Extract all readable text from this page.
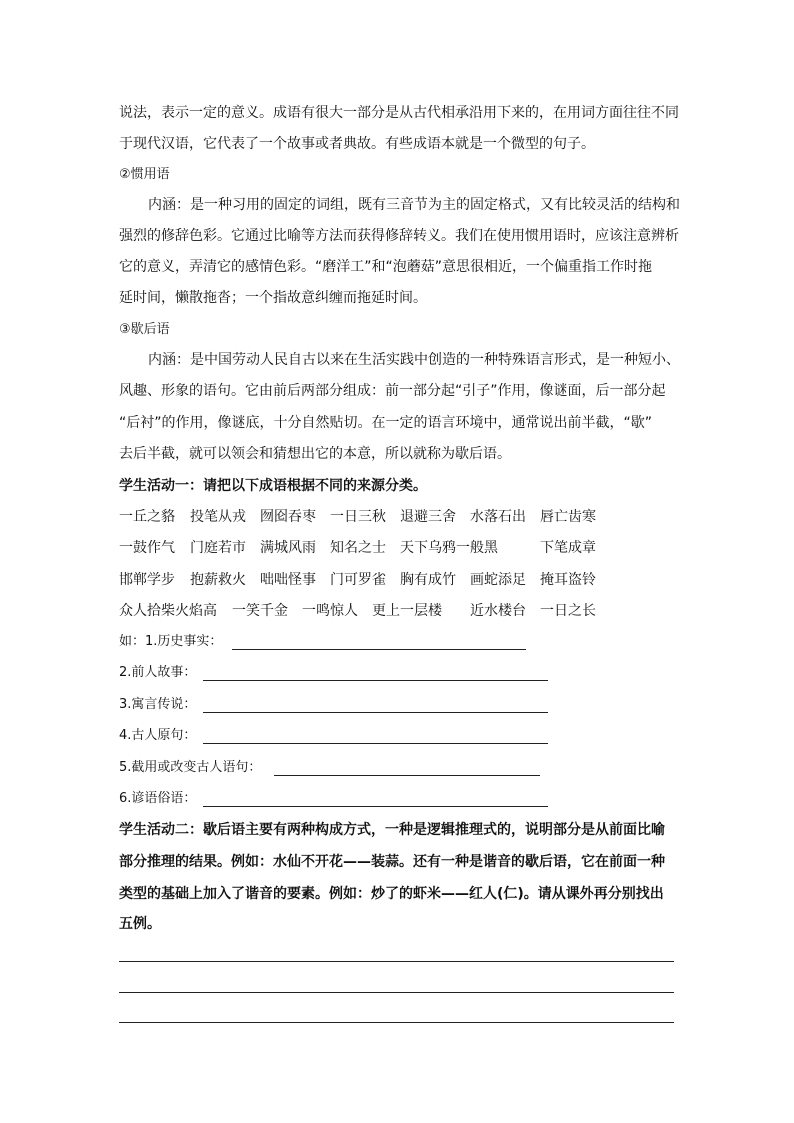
说法，表示一定的意义。成语有很大一部分是从古代相承沿用下来的，在用词方面往往不同
于现代汉语，它代表了一个故事或者典故。有些成语本就是一个微型的句子。
②惯用语
内涵：是一种习用的固定的词组，既有三音节为主的固定格式，又有比较灵活的结构和
强烈的修辞色彩。它通过比喻等方法而获得修辞转义。我们在使用惯用语时，应该注意辨析
它的意义，弄清它的感情色彩。“磨洋工”和“泡蘑菇”意思很相近，一个偏重指工作时拖
延时间，懒散拖沓；一个指故意纠缠而拖延时间。
③歇后语
内涵：是中国劳动人民自古以来在生活实践中创造的一种特殊语言形式，是一种短小、
风趣、形象的语句。它由前后两部分组成：前一部分起“引子”作用，像谜面，后一部分起
“后衬”的作用，像谜底，十分自然贴切。在一定的语言环境中，通常说出前半截，“歇”
去后半截，就可以领会和猜想出它的本意，所以就称为歇后语。
学生活动一：请把以下成语根据不同的来源分类。
一丘之貉 投笔从戎 囫囵吞枣 一日三秋 退避三舍 水落石出 唇亡齿寒
一鼓作气 门庭若市 满城风雨 知名之士 天下乌鸦一般黑	下笔成章
邯郸学步 抱薪救火 咄咄怪事 门可罗雀 胸有成竹 画蛇添足 掩耳盗铃
众人拾柴火焰高 一笑千金 一鸣惊人 更上一层楼 近水楼台 一日之长
如：1.历史事实：
2.前人故事：
3.寓言传说：
4.古人原句：
5.截用或改变古人语句：
6.谚语俗语：
学生活动二：歇后语主要有两种构成方式，一种是逻辑推理式的，说明部分是从前面比喻
部分推理的结果。例如：水仙不开花——装蒜。还有一种是谐音的歇后语，它在前面一种
类型的基础上加入了谐音的要素。例如：炒了的虾米——红人(仁)。请从课外再分别找出
五例。
